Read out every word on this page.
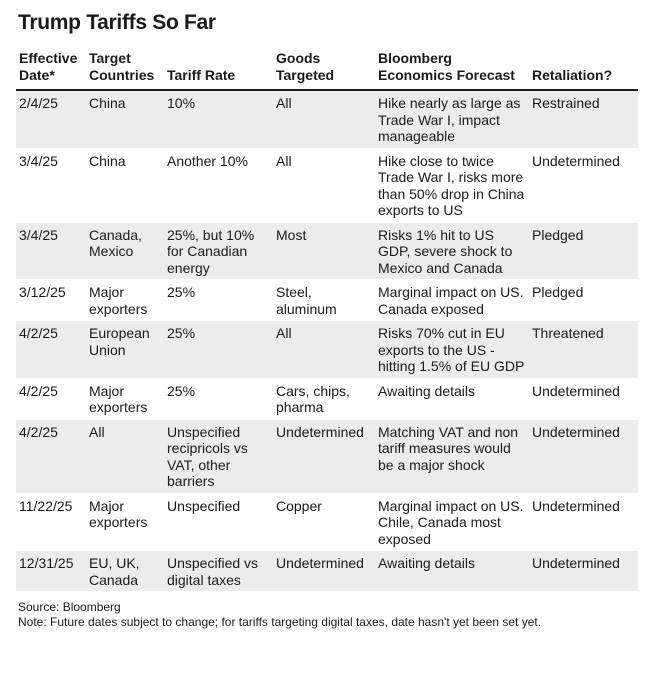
Trump Tariffs So Far
Effective Date*	Target Countries	Tariff Rate	Goods Targeted	Bloomberg Economics Forecast	Retaliation?
2/4/25	China	10%	All	Hike nearly as large as Trade War I, impact manageable	Restrained
3/4/25	China	Another 10%	All	Hike close to twice Trade War I, risks more than 50% drop in China exports to US	Undetermined
3/4/25	Canada, Mexico	25%, but 10% for Canadian energy	Most	Risks 1% hit to US GDP, severe shock to Mexico and Canada	Pledged
3/12/25	Major exporters	25%	Steel, aluminum	Marginal impact on US. Canada exposed	Pledged
4/2/25	European Union	25%	All	Risks 70% cut in EU exports to the US - hitting 1.5% of EU GDP	Threatened
4/2/25	Major exporters	25%	Cars, chips, pharma	Awaiting details	Undetermined
4/2/25	All	Unspecified recipricols vs VAT, other barriers	Undetermined	Matching VAT and non tariff measures would be a major shock	Undetermined
11/22/25	Major exporters	Unspecified	Copper	Marginal impact on US. Chile, Canada most exposed	Undetermined
12/31/25	EU, UK, Canada	Unspecified vs digital taxes	Undetermined	Awaiting details	Undetermined
Source: Bloomberg
Note: Future dates subject to change; for tariffs targeting digital taxes, date hasn't yet been set yet.
